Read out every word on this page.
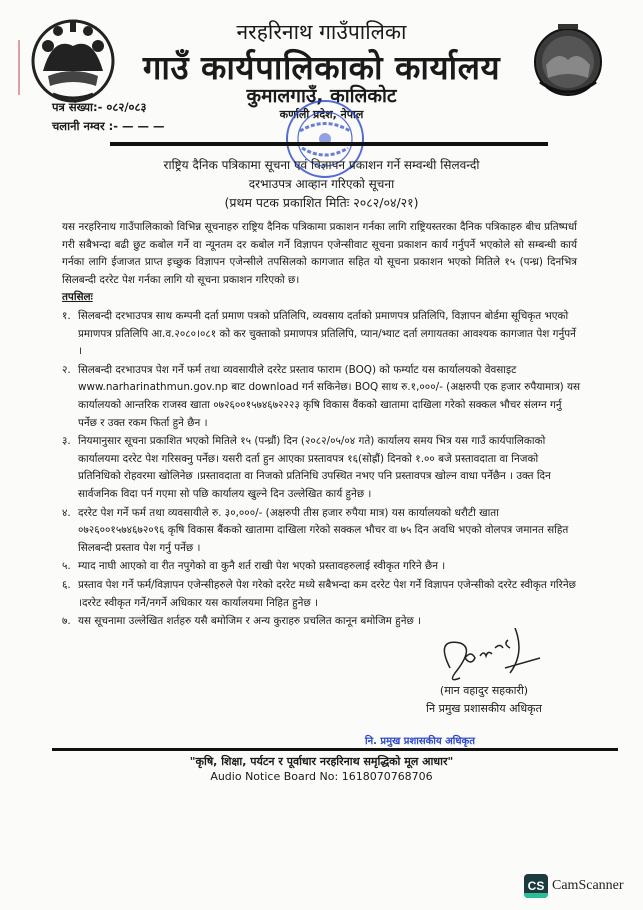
नरहरिनाथ गाउँपालिका
गाउँ कार्यपालिकाको कार्यालय
कुमालगाउँ, कालिकोट
कर्णाली प्रदेश, नेपाल
पत्र संख्या:- ०८२/०८३
चलानी नम्वर :- — — —
राष्ट्रिय दैनिक पत्रिकामा सूचना एवं विज्ञापन प्रकाशन गर्ने सम्वन्धी सिलवन्दी
दरभाउपत्र आव्हान गरिएको सूचना
(प्रथम पटक प्रकाशित मितिः २०८२/०४/२१)
यस नरहरिनाथ गाउँपालिकाको विभिन्न सूचनाहरु राष्ट्रिय दैनिक पत्रिकामा प्रकाशन गर्नका लागि राष्ट्रियस्तरका दैनिक पत्रिकाहरु बीच प्रतिष्पर्धा गरी सबैभन्दा बढी छुट कबोल गर्ने वा न्यूनतम दर कबोल गर्ने विज्ञापन एजेन्सीवाट सूचना प्रकाशन कार्य गर्नुपर्ने भएकोले सो सम्बन्धी कार्य गर्नका लागि ईजाजत प्राप्त इच्छुक विज्ञापन एजेन्सीले तपसिलको कागजात सहित यो सूचना प्रकाशन भएको मितिले १५ (पन्ध्र) दिनभित्र सिलबन्दी दररेट पेश गर्नका लागि यो सूचना प्रकाशन गरिएको छ।
तपसिलः
१. सिलबन्दी दरभाउपत्र साथ कम्पनी दर्ता प्रमाण पत्रको प्रतिलिपि, व्यवसाय दर्ताको प्रमाणपत्र प्रतिलिपि, विज्ञापन बोर्डमा सूचिकृत भएको प्रमाणपत्र प्रतिलिपि आ.व.२०८०।०८१ को कर चुक्ताको प्रमाणपत्र प्रतिलिपि, प्यान/भ्याट दर्ता लगायतका आवश्यक कागजात पेश गर्नुपर्ने ।
२. सिलबन्दी दरभाउपत्र पेश गर्ने फर्म तथा व्यवसायीले दररेट प्रस्ताव फाराम (BOQ) को फर्म्याट यस कार्यालयको वेवसाइट www.narharinathmun.gov.np बाट download गर्न सकिनेछ। BOQ साथ रु.१,०००/- (अक्षरुपी एक हजार रुपैयामात्र) यस कार्यालयको आन्तरिक राजस्व खाता ०७२६००१५७४६७२२२३ कृषि विकास वैंकको खातामा दाखिला गरेको सक्कल भौचर संलग्न गर्नु पर्नेछ र उक्त रकम फिर्ता हुने छैन ।
३. नियमानुसार सूचना प्रकाशित भएको मितिले १५ (पन्ध्रौं) दिन (२०८२/०५/०४ गते) कार्यालय समय भित्र यस गाउँ कार्यपालिकाको कार्यालयमा दररेट पेश गरिसक्नु पर्नेछ। यसरी दर्ता हुन आएका प्रस्तावपत्र १६(सोह्रौं) दिनको १.०० बजे प्रस्तावदाता वा निजको प्रतिनिधिको रोहवरमा खोलिनेछ ।प्रस्तावदाता वा निजको प्रतिनिधि उपस्थित नभए पनि प्रस्तावपत्र खोल्न वाधा पर्नेछैन । उक्त दिन सार्वजनिक विदा पर्न गएमा सो पछि कार्यालय खुल्ने दिन उल्लेखित कार्य हुनेछ ।
४. दररेट पेश गर्ने फर्म तथा व्यवसायीले रु. ३०,०००/- (अक्षरुपी तीस हजार रुपैया मात्र) यस कार्यालयको धरौटी खाता ०७२६००१५७४६७२०९६ कृषि विकास बैंकको खातामा दाखिला गरेको सक्कल भौचर वा ७५ दिन अवधि भएको वोलपत्र जमानत सहित सिलबन्दी प्रस्ताव पेश गर्नु पर्नेछ ।
५. म्याद नाघी आएको वा रीत नपुगेको वा कुनै शर्त राखी पेश भएको प्रस्तावहरुलाई स्वीकृत गरिने छैन ।
६. प्रस्ताव पेश गर्ने फर्म/विज्ञापन एजेन्सीहरुले पेश गरेको दररेट मध्ये सबैभन्दा कम दररेट पेश गर्ने विज्ञापन एजेन्सीको दररेट स्वीकृत गरिनेछ ।दररेट स्वीकृत गर्ने/नगर्ने अधिकार यस कार्यालयमा निहित हुनेछ ।
७. यस सूचनामा उल्लेखित शर्तहरु यसै बमोजिम र अन्य कुराहरु प्रचलित कानून बमोजिम हुनेछ ।
(मान वहादुर सहकारी)
नि प्रमुख प्रशासकीय अधिकृत
नि. प्रमुख प्रशासकीय अधिकृत
"कृषि, शिक्षा, पर्यटन र पूर्वाधार नरहरिनाथ समृद्धिको मूल आधार"
Audio Notice Board No: 1618070768706
CS CamScanner
